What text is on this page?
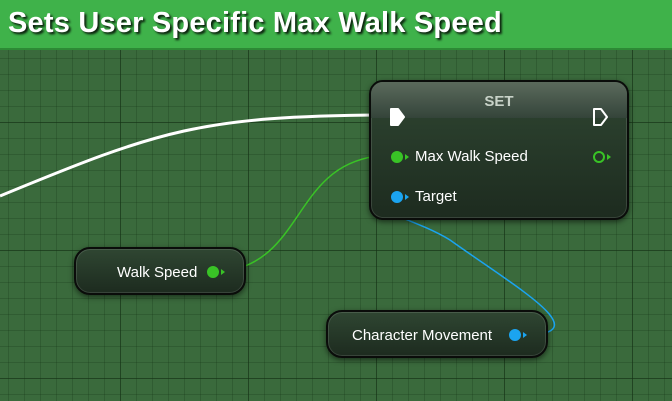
Sets User Specific Max Walk Speed
SET
Max Walk Speed
Target
Walk Speed
Character Movement
